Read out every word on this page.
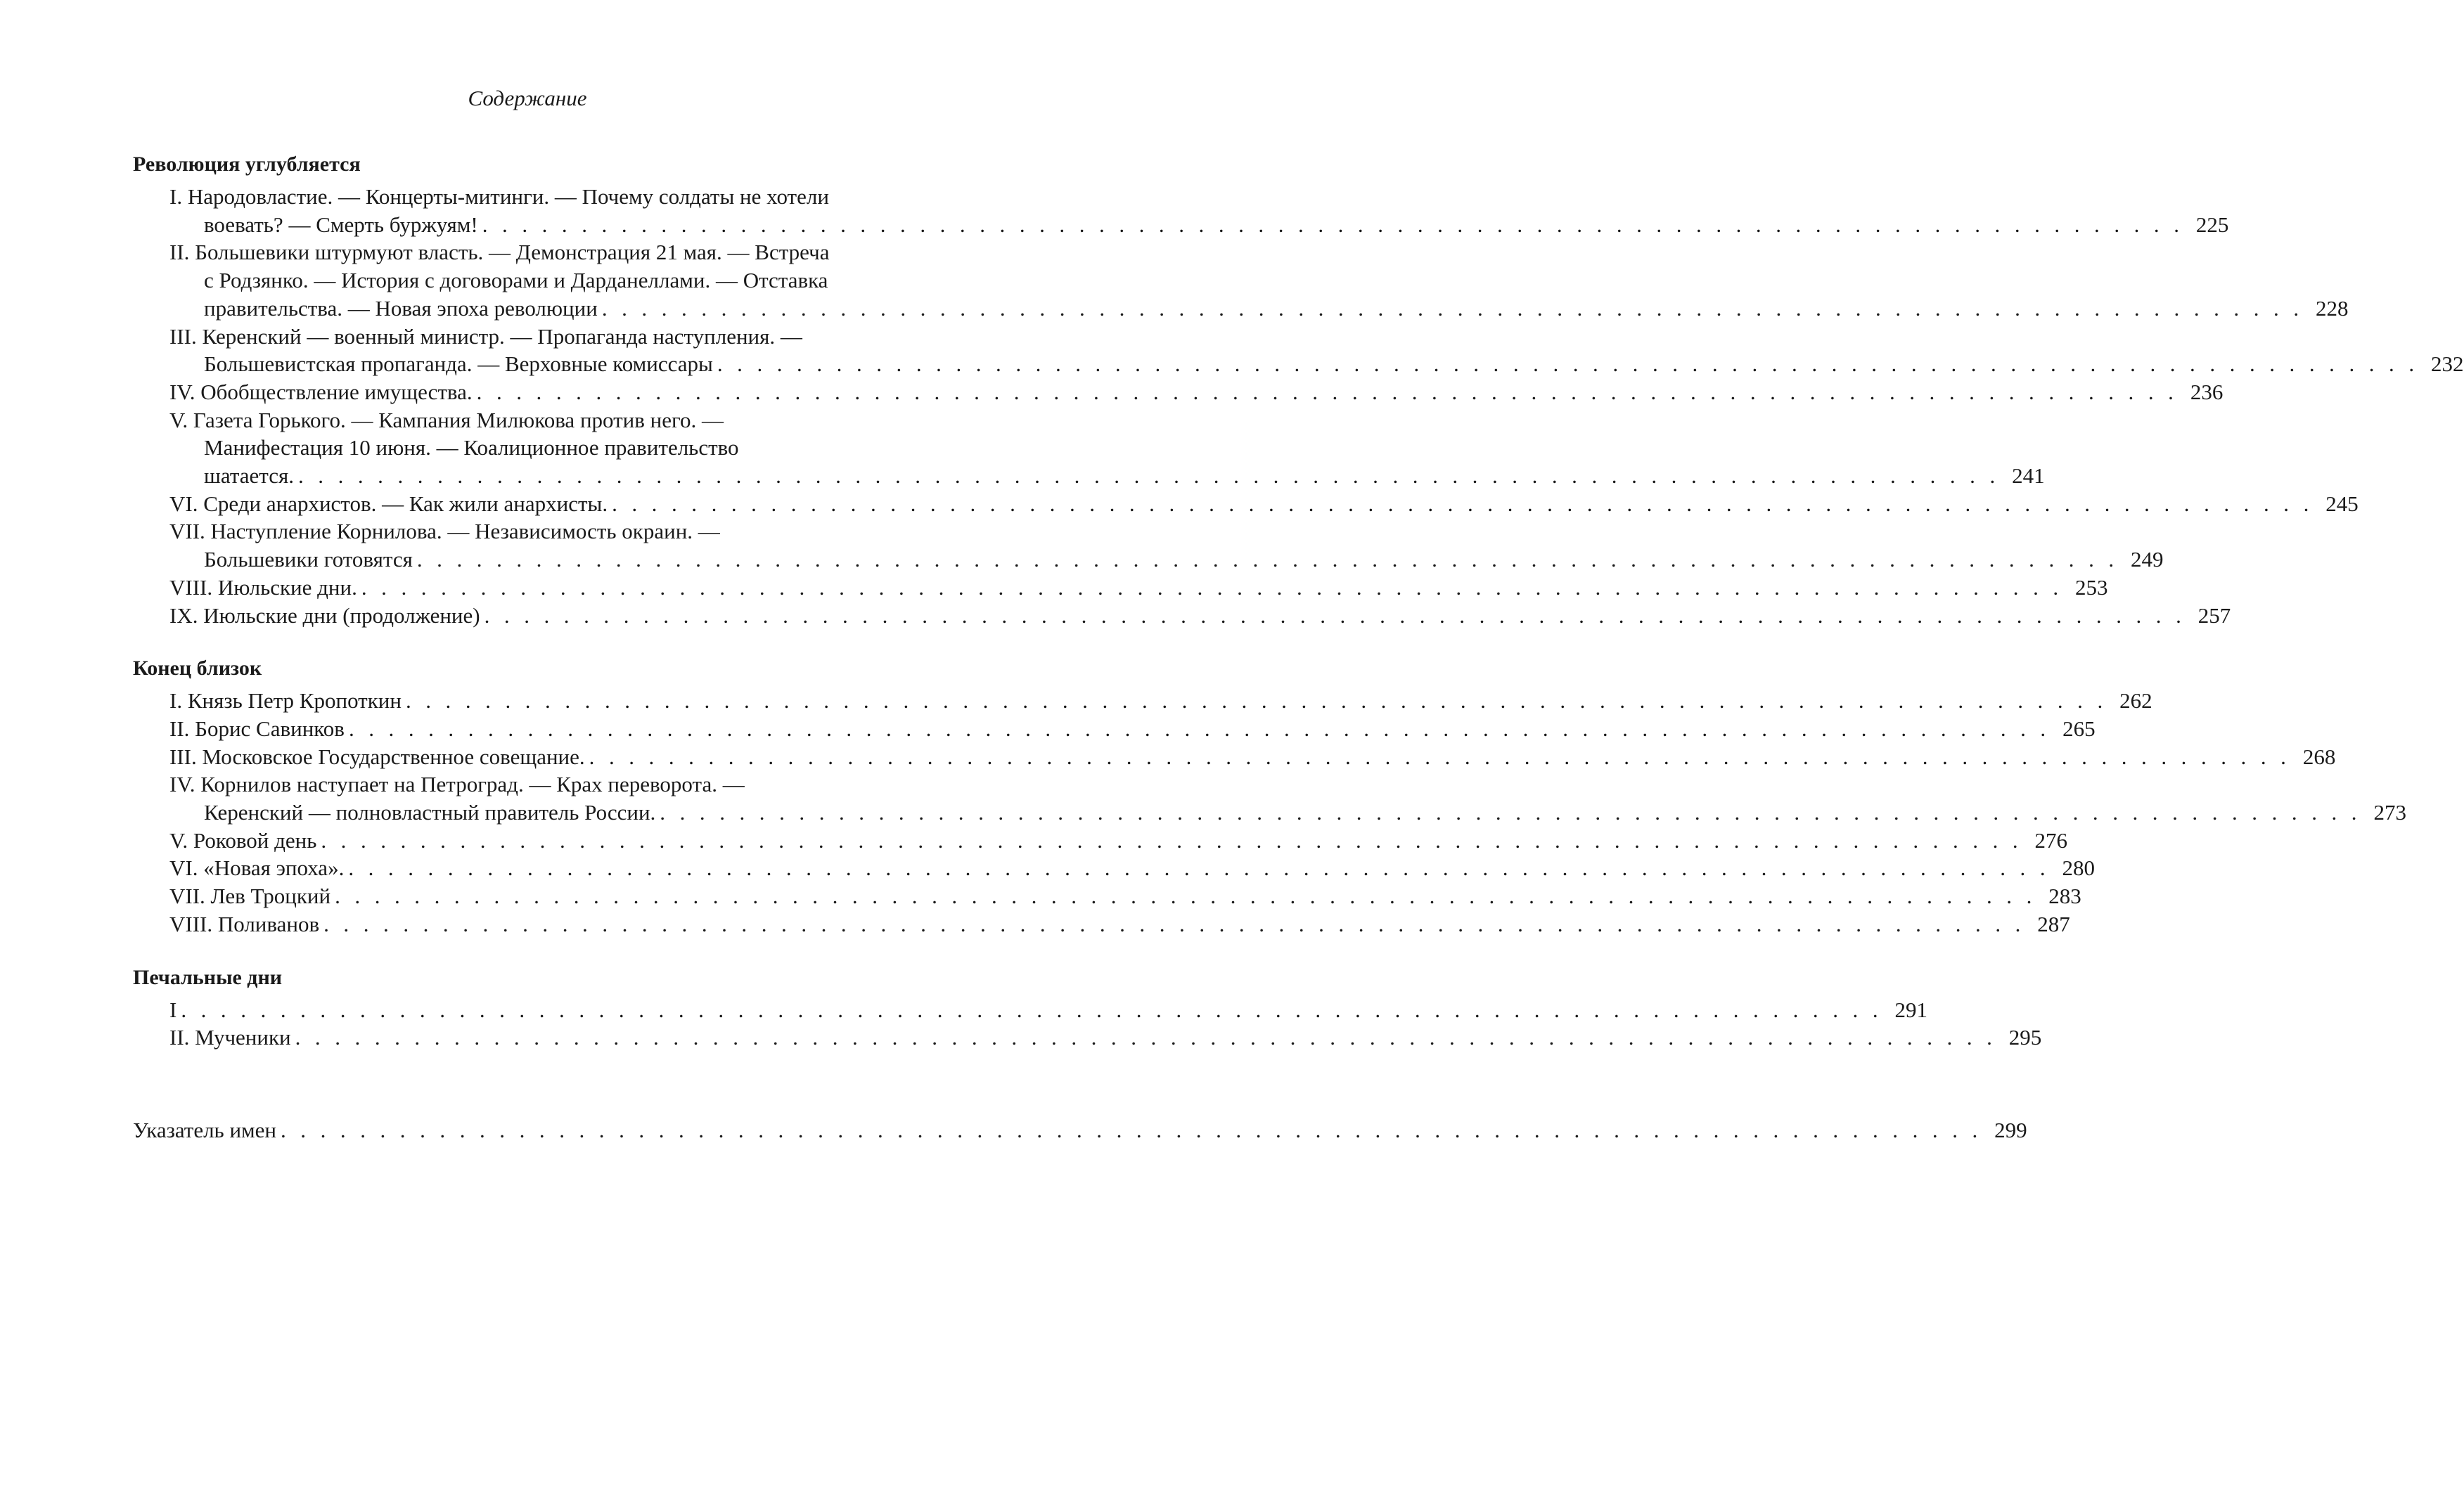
Содержание
Революция углубляется
I. Народовластие. — Концерты-митинги. — Почему солдаты не хотели
воевать? — Смерть буржуям! . . . . . . . . . . . . . . . . . . . . . . . . . . . . . . . . . . . . . . . . . . . . . . . . . . . . . . . . . . . . . . . . . . . . . . . . . . . . . . . . . . . . . . 225
II. Большевики штурмуют власть. — Демонстрация 21 мая. — Встреча
с Родзянко. — История с договорами и Дарданеллами. — Отставка
правительства. — Новая эпоха революции . . . . . . . . . . . . . . . . . . . . . . . . . . . . . . . . . . . . . . . . . . . . . . . . . . . . . . . . . . . . . . . . . . . . . . . . . . . . . . . . . . . . . . 228
III. Керенский — военный министр. — Пропаганда наступления. —
Большевистская пропаганда. — Верховные комиссары . . . . . . . . . . . . . . . . . . . . . . . . . . . . . . . . . . . . . . . . . . . . . . . . . . . . . . . . . . . . . . . . . . . . . . . . . . . . . . . . . . . . . . 232
IV. Обобществление имущества. . . . . . . . . . . . . . . . . . . . . . . . . . . . . . . . . . . . . . . . . . . . . . . . . . . . . . . . . . . . . . . . . . . . . . . . . . . . . . . . . . . . . . . 236
V. Газета Горького. — Кампания Милюкова против него. —
Манифестация 10 июня. — Коалиционное правительство
шатается. . . . . . . . . . . . . . . . . . . . . . . . . . . . . . . . . . . . . . . . . . . . . . . . . . . . . . . . . . . . . . . . . . . . . . . . . . . . . . . . . . . . . . . 241
VI. Среди анархистов. — Как жили анархисты. . . . . . . . . . . . . . . . . . . . . . . . . . . . . . . . . . . . . . . . . . . . . . . . . . . . . . . . . . . . . . . . . . . . . . . . . . . . . . . . . . . . . . . 245
VII. Наступление Корнилова. — Независимость окраин. —
Большевики готовятся . . . . . . . . . . . . . . . . . . . . . . . . . . . . . . . . . . . . . . . . . . . . . . . . . . . . . . . . . . . . . . . . . . . . . . . . . . . . . . . . . . . . . . 249
VIII. Июльские дни. . . . . . . . . . . . . . . . . . . . . . . . . . . . . . . . . . . . . . . . . . . . . . . . . . . . . . . . . . . . . . . . . . . . . . . . . . . . . . . . . . . . . . . 253
IX. Июльские дни (продолжение) . . . . . . . . . . . . . . . . . . . . . . . . . . . . . . . . . . . . . . . . . . . . . . . . . . . . . . . . . . . . . . . . . . . . . . . . . . . . . . . . . . . . . . 257
Конец близок
I. Князь Петр Кропоткин . . . . . . . . . . . . . . . . . . . . . . . . . . . . . . . . . . . . . . . . . . . . . . . . . . . . . . . . . . . . . . . . . . . . . . . . . . . . . . . . . . . . . . 262
II. Борис Савинков . . . . . . . . . . . . . . . . . . . . . . . . . . . . . . . . . . . . . . . . . . . . . . . . . . . . . . . . . . . . . . . . . . . . . . . . . . . . . . . . . . . . . . 265
III. Московское Государственное совещание. . . . . . . . . . . . . . . . . . . . . . . . . . . . . . . . . . . . . . . . . . . . . . . . . . . . . . . . . . . . . . . . . . . . . . . . . . . . . . . . . . . . . . . 268
IV. Корнилов наступает на Петроград. — Крах переворота. —
Керенский — полновластный правитель России. . . . . . . . . . . . . . . . . . . . . . . . . . . . . . . . . . . . . . . . . . . . . . . . . . . . . . . . . . . . . . . . . . . . . . . . . . . . . . . . . . . . . . . 273
V. Роковой день . . . . . . . . . . . . . . . . . . . . . . . . . . . . . . . . . . . . . . . . . . . . . . . . . . . . . . . . . . . . . . . . . . . . . . . . . . . . . . . . . . . . . . 276
VI. «Новая эпоха». . . . . . . . . . . . . . . . . . . . . . . . . . . . . . . . . . . . . . . . . . . . . . . . . . . . . . . . . . . . . . . . . . . . . . . . . . . . . . . . . . . . . . . 280
VII. Лев Троцкий . . . . . . . . . . . . . . . . . . . . . . . . . . . . . . . . . . . . . . . . . . . . . . . . . . . . . . . . . . . . . . . . . . . . . . . . . . . . . . . . . . . . . . 283
VIII. Поливанов . . . . . . . . . . . . . . . . . . . . . . . . . . . . . . . . . . . . . . . . . . . . . . . . . . . . . . . . . . . . . . . . . . . . . . . . . . . . . . . . . . . . . . 287
Печальные дни
I . . . . . . . . . . . . . . . . . . . . . . . . . . . . . . . . . . . . . . . . . . . . . . . . . . . . . . . . . . . . . . . . . . . . . . . . . . . . . . . . . . . . . . 291
II. Мученики . . . . . . . . . . . . . . . . . . . . . . . . . . . . . . . . . . . . . . . . . . . . . . . . . . . . . . . . . . . . . . . . . . . . . . . . . . . . . . . . . . . . . . 295
Указатель имен . . . . . . . . . . . . . . . . . . . . . . . . . . . . . . . . . . . . . . . . . . . . . . . . . . . . . . . . . . . . . . . . . . . . . . . . . . . . . . . . . . . . . . 299
